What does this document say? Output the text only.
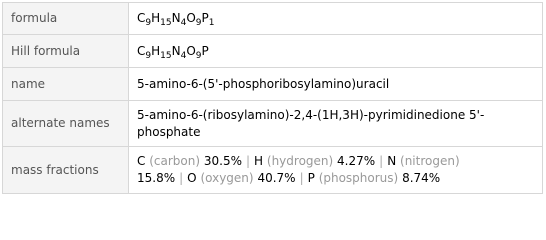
formula	$C_9H_{15}N_4O_9P_1$
Hill formula	$C_9H_{15}N_4O_9P$
name	5-amino-6-(5'-phosphoribosylamino)uracil
alternate names	5-amino-6-(ribosylamino)-2,4-(1H,3H)-pyrimidinedione 5'-phosphate
mass fractions	C (carbon) 30.5% | H (hydrogen) 4.27% | N (nitrogen)
15.8% | O (oxygen) 40.7% | P (phosphorus) 8.74%
